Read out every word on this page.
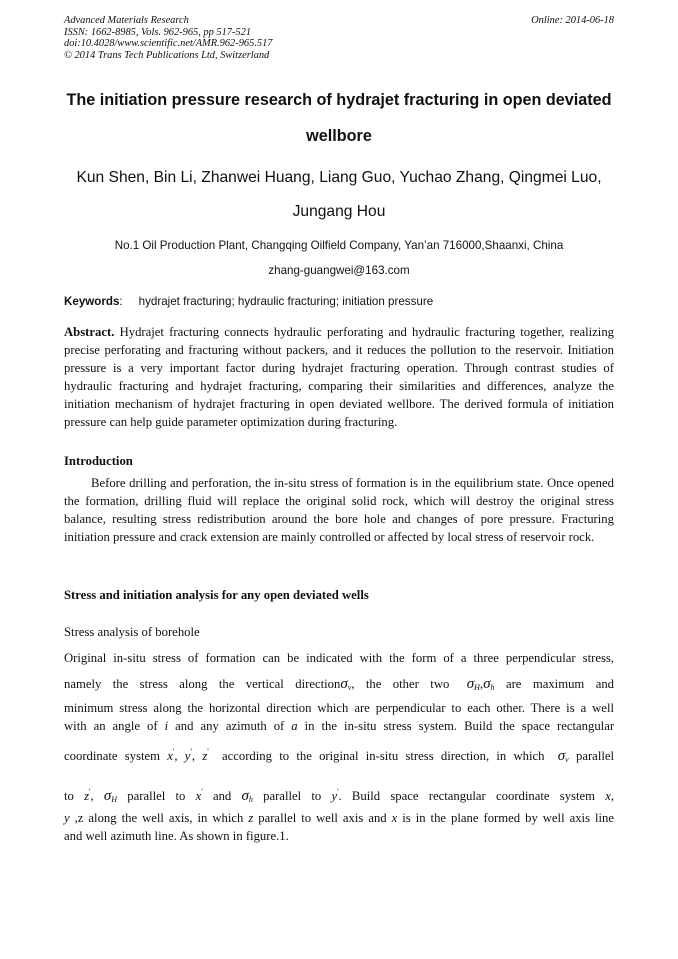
Advanced Materials Research
ISSN: 1662-8985, Vols. 962-965, pp 517-521
doi:10.4028/www.scientific.net/AMR.962-965.517
© 2014 Trans Tech Publications Ltd, Switzerland
Online: 2014-06-18
The initiation pressure research of hydrajet fracturing in open deviated
wellbore
Kun Shen, Bin Li, Zhanwei Huang, Liang Guo, Yuchao Zhang, Qingmei Luo,
Jungang Hou
No.1 Oil Production Plant, Changqing Oilfield Company, Yan’an 716000,Shaanxi, China
zhang-guangwei@163.com
Keywords: hydrajet fracturing; hydraulic fracturing; initiation pressure
Abstract. Hydrajet fracturing connects hydraulic perforating and hydraulic fracturing together, realizing precise perforating and fracturing without packers, and it reduces the pollution to the reservoir. Initiation pressure is a very important factor during hydrajet fracturing operation. Through contrast studies of hydraulic fracturing and hydrajet fracturing, comparing their similarities and differences, analyze the initiation mechanism of hydrajet fracturing in open deviated wellbore. The derived formula of initiation pressure can help guide parameter optimization during fracturing.
Introduction
Before drilling and perforation, the in-situ stress of formation is in the equilibrium state. Once opened the formation, drilling fluid will replace the original solid rock, which will destroy the original stress balance, resulting stress redistribution around the bore hole and changes of pore pressure. Fracturing initiation pressure and crack extension are mainly controlled or affected by local stress of reservoir rock.
Stress and initiation analysis for any open deviated wells
Stress analysis of borehole
Original in-situ stress of formation can be indicated with the form of a three perpendicular stress,
namely the stress along the vertical directionσv, the other two σH,σh are maximum and
minimum stress along the horizontal direction which are perpendicular to each other. There is a well
with an angle of i and any azimuth of a in the in-situ stress system. Build the space rectangular
coordinate system x', y', z' according to the original in-situ stress direction, in which σv parallel
to z', σH parallel to x' and σh parallel to y'. Build space rectangular coordinate system x,
y ,z along the well axis, in which z parallel to well axis and x is in the plane formed by well axis line
and well azimuth line. As shown in figure.1.
